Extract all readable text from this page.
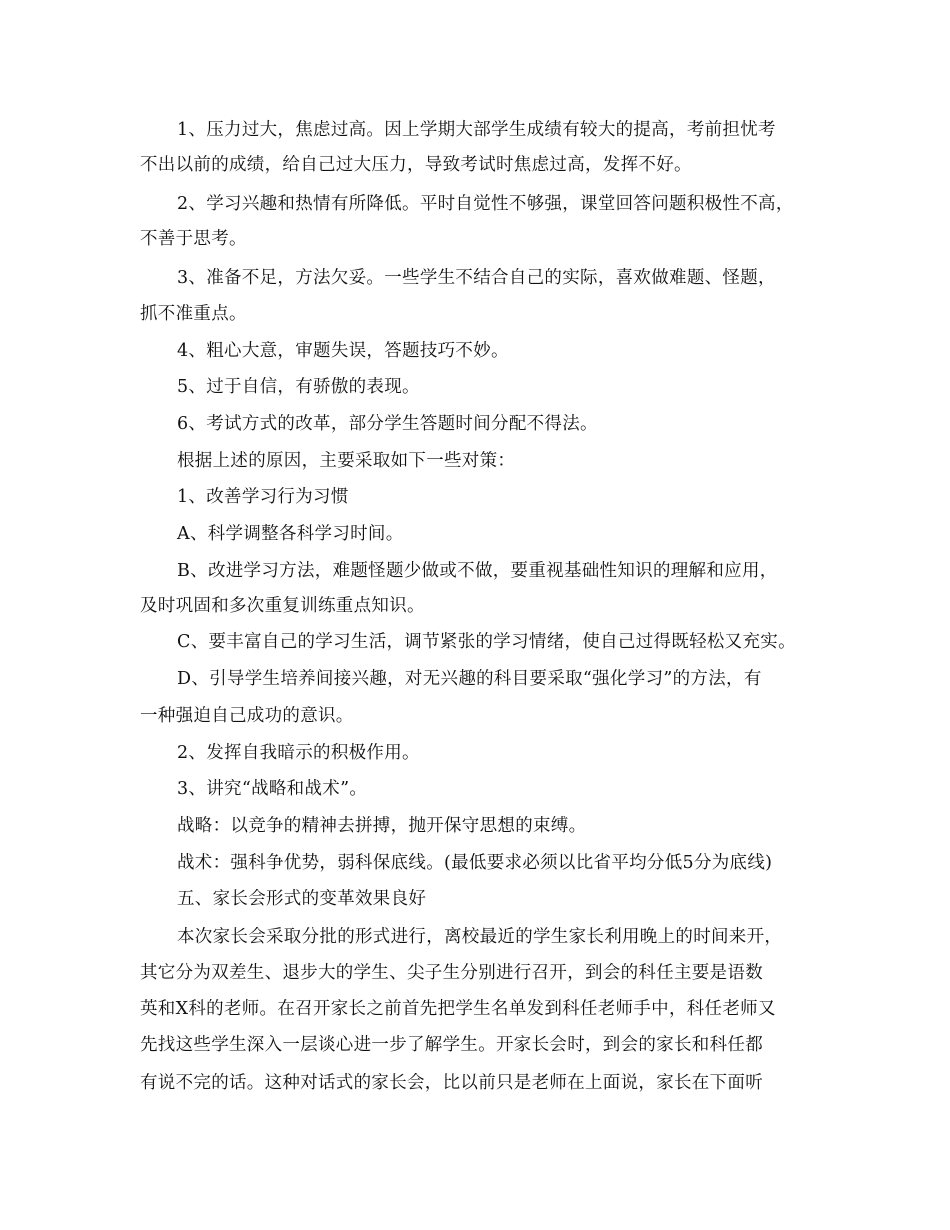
1、压力过大，焦虑过高。因上学期大部学生成绩有较大的提高，考前担忧考
不出以前的成绩，给自己过大压力，导致考试时焦虑过高，发挥不好。
2、学习兴趣和热情有所降低。平时自觉性不够强，课堂回答问题积极性不高，
不善于思考。
3、准备不足，方法欠妥。一些学生不结合自己的实际，喜欢做难题、怪题，
抓不准重点。
4、粗心大意，审题失误，答题技巧不妙。
5、过于自信，有骄傲的表现。
6、考试方式的改革，部分学生答题时间分配不得法。
根据上述的原因，主要采取如下一些对策：
1、改善学习行为习惯
A、科学调整各科学习时间。
B、改进学习方法，难题怪题少做或不做，要重视基础性知识的理解和应用，
及时巩固和多次重复训练重点知识。
C、要丰富自己的学习生活，调节紧张的学习情绪，使自己过得既轻松又充实。
D、引导学生培养间接兴趣，对无兴趣的科目要采取“强化学习”的方法，有
一种强迫自己成功的意识。
2、发挥自我暗示的积极作用。
3、讲究“战略和战术”。
战略：以竞争的精神去拼搏，抛开保守思想的束缚。
战术：强科争优势，弱科保底线。(最低要求必须以比省平均分低5分为底线)
五、家长会形式的变革效果良好
本次家长会采取分批的形式进行，离校最近的学生家长利用晚上的时间来开，
其它分为双差生、退步大的学生、尖子生分别进行召开，到会的科任主要是语数
英和X科的老师。在召开家长之前首先把学生名单发到科任老师手中，科任老师又
先找这些学生深入一层谈心进一步了解学生。开家长会时，到会的家长和科任都
有说不完的话。这种对话式的家长会，比以前只是老师在上面说，家长在下面听
